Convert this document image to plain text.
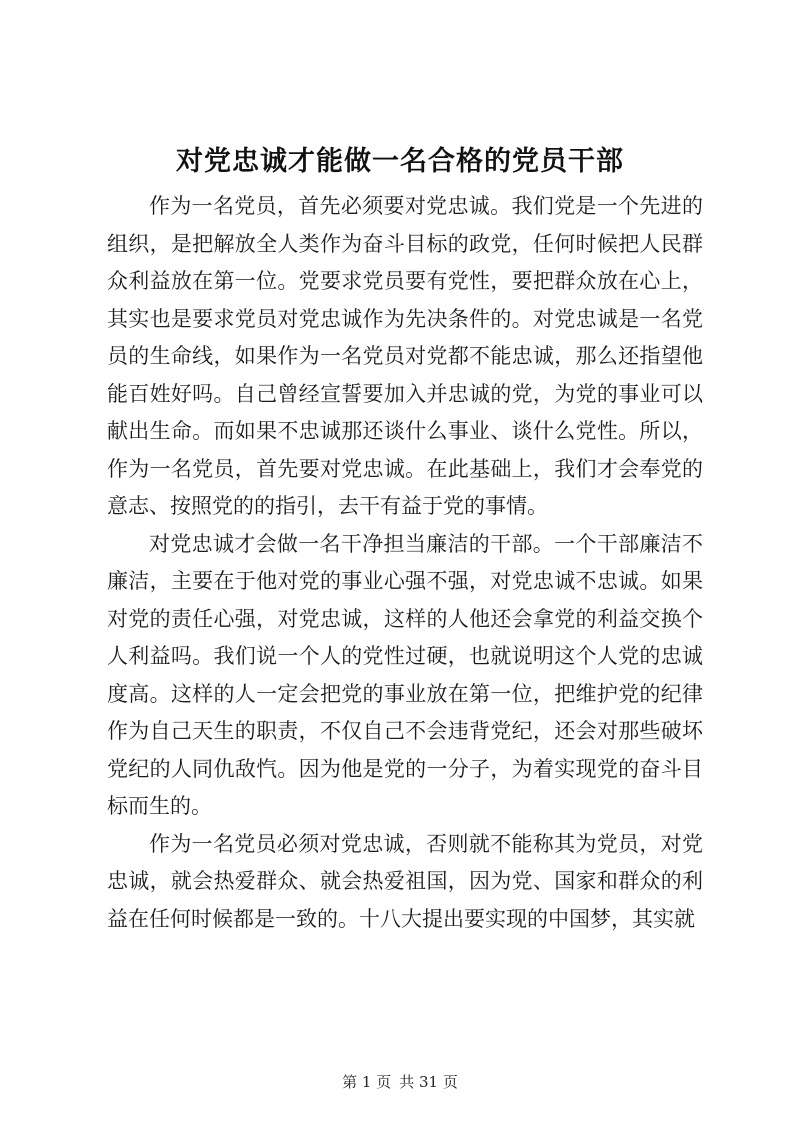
对党忠诚才能做一名合格的党员干部

作为一名党员，首先必须要对党忠诚。我们党是一个先进的组织，是把解放全人类作为奋斗目标的政党，任何时候把人民群众利益放在第一位。党要求党员要有党性，要把群众放在心上，其实也是要求党员对党忠诚作为先决条件的。对党忠诚是一名党员的生命线，如果作为一名党员对党都不能忠诚，那么还指望他能百姓好吗。自己曾经宣誓要加入并忠诚的党，为党的事业可以献出生命。而如果不忠诚那还谈什么事业、谈什么党性。所以，作为一名党员，首先要对党忠诚。在此基础上，我们才会奉党的意志、按照党的的指引，去干有益于党的事情。

对党忠诚才会做一名干净担当廉洁的干部。一个干部廉洁不廉洁，主要在于他对党的事业心强不强，对党忠诚不忠诚。如果对党的责任心强，对党忠诚，这样的人他还会拿党的利益交换个人利益吗。我们说一个人的党性过硬，也就说明这个人党的忠诚度高。这样的人一定会把党的事业放在第一位，把维护党的纪律作为自己天生的职责，不仅自己不会违背党纪，还会对那些破坏党纪的人同仇敌忾。因为他是党的一分子，为着实现党的奋斗目标而生的。

作为一名党员必须对党忠诚，否则就不能称其为党员，对党忠诚，就会热爱群众、就会热爱祖国，因为党、国家和群众的利益在任何时候都是一致的。十八大提出要实现的中国梦，其实就

第 1 页 共 31 页
